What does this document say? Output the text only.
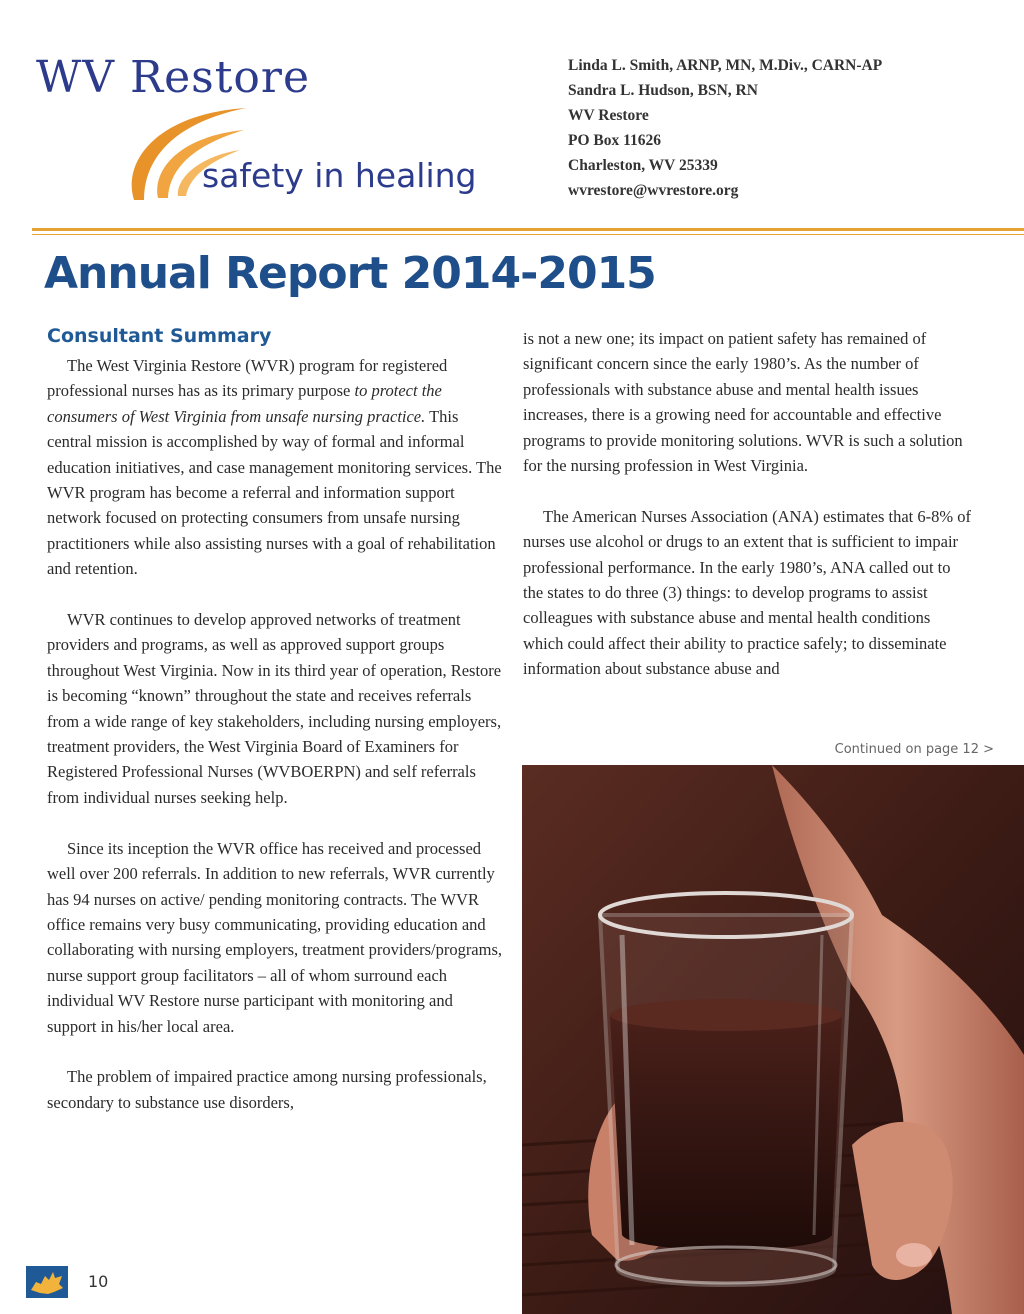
WV Restore

safety in healing

Linda L. Smith, ARNP, MN, M.Div., CARN-AP
Sandra L. Hudson, BSN, RN
WV Restore
PO Box 11626
Charleston, WV 25339
wvrestore@wvrestore.org
Annual Report 2014-2015
Consultant Summary

The West Virginia Restore (WVR) program for registered professional nurses has as its primary purpose to protect the consumers of West Virginia from unsafe nursing practice. This central mission is accomplished by way of formal and informal education initiatives, and case management monitoring services. The WVR program has become a referral and information support network focused on protecting consumers from unsafe nursing practitioners while also assisting nurses with a goal of rehabilitation and retention.

WVR continues to develop approved networks of treatment providers and programs, as well as approved support groups throughout West Virginia. Now in its third year of operation, Restore is becoming “known” throughout the state and receives referrals from a wide range of key stakeholders, including nursing employers, treatment providers, the West Virginia Board of Examiners for Registered Professional Nurses (WVBOERPN) and self referrals from individual nurses seeking help.

Since its inception the WVR office has received and processed well over 200 referrals. In addition to new referrals, WVR currently has 94 nurses on active/ pending monitoring contracts. The WVR office remains very busy communicating, providing education and collaborating with nursing employers, treatment providers/programs, nurse support group facilitators – all of whom surround each individual WV Restore nurse participant with monitoring and support in his/her local area.

The problem of impaired practice among nursing professionals, secondary to substance use disorders,

is not a new one; its impact on patient safety has remained of significant concern since the early 1980’s. As the number of professionals with substance abuse and mental health issues increases, there is a growing need for accountable and effective programs to provide monitoring solutions. WVR is such a solution for the nursing profession in West Virginia.

The American Nurses Association (ANA) estimates that 6-8% of nurses use alcohol or drugs to an extent that is sufficient to impair professional performance. In the early 1980’s, ANA called out to the states to do three (3) things: to develop programs to assist colleagues with substance abuse and mental health conditions which could affect their ability to practice safely; to disseminate information about substance abuse and

Continued on page 12 >

10
